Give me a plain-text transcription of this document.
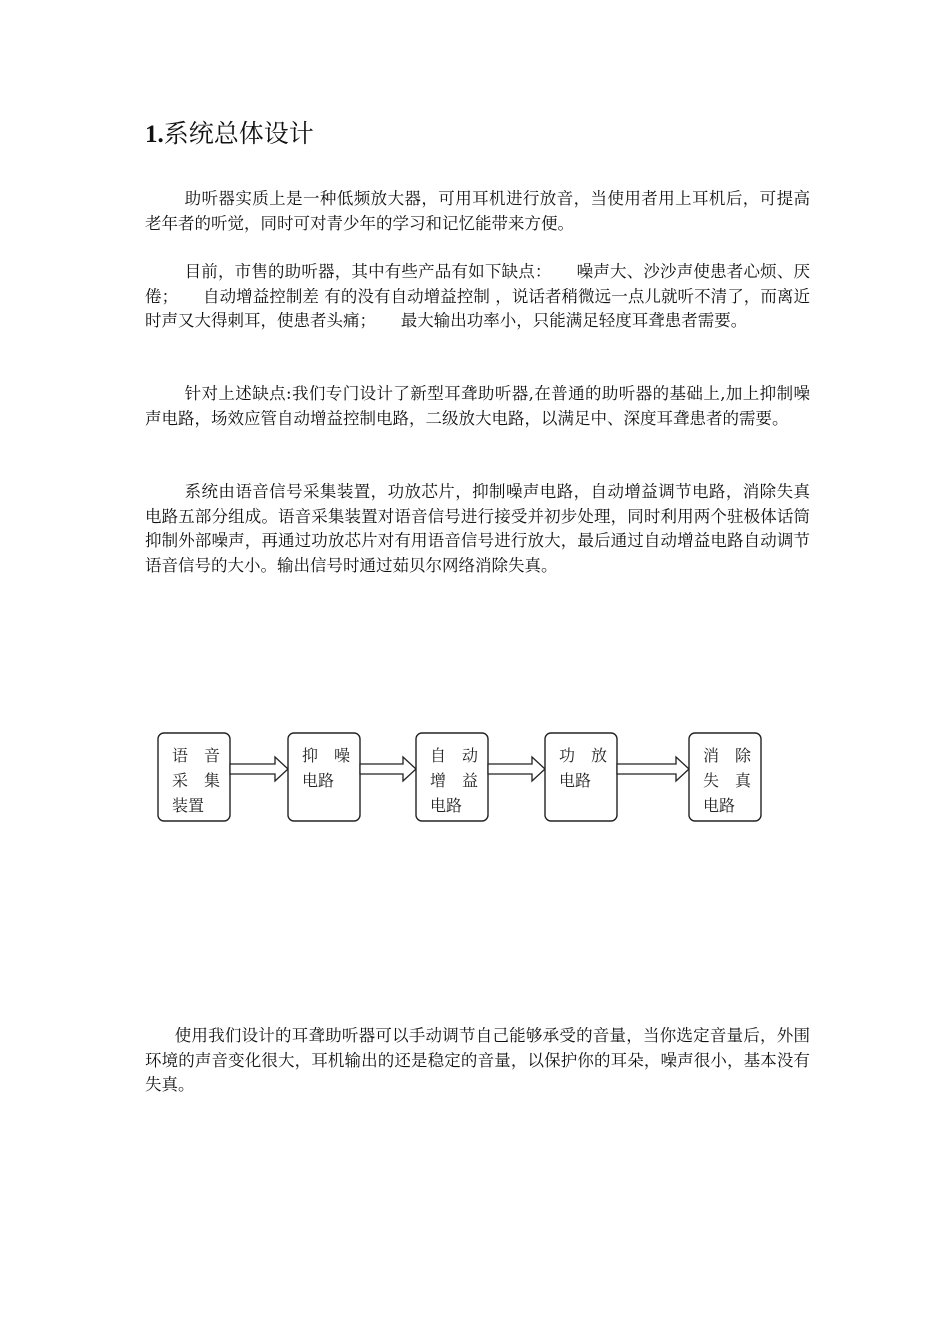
1.系统总体设计

助听器实质上是一种低频放大器，可用耳机进行放音，当使用者用上耳机后，可提高老年者的听觉，同时可对青少年的学习和记忆能带来方便。

目前，市售的助听器，其中有些产品有如下缺点：　　噪声大、沙沙声使患者心烦、厌倦；　　自动增益控制差 有的没有自动增益控制 ，说话者稍微远一点儿就听不清了，而离近时声又大得刺耳，使患者头痛；　　最大输出功率小，只能满足轻度耳聋患者需要。

针对上述缺点:我们专门设计了新型耳聋助听器,在普通的助听器的基础上,加上抑制噪声电路，场效应管自动增益控制电路，二级放大电路，以满足中、深度耳聋患者的需要。

系统由语音信号采集装置，功放芯片，抑制噪声电路，自动增益调节电路，消除失真电路五部分组成。语音采集装置对语音信号进行接受并初步处理，同时利用两个驻极体话筒抑制外部噪声，再通过功放芯片对有用语音信号进行放大，最后通过自动增益电路自动调节语音信号的大小。输出信号时通过茹贝尔网络消除失真。

语　音
采　集
装置
抑　噪
电路
自　动
增　益
电路
功　放
电路
消　除
失　真
电路

使用我们设计的耳聋助听器可以手动调节自己能够承受的音量，当你选定音量后，外围环境的声音变化很大，耳机输出的还是稳定的音量，以保护你的耳朵，噪声很小，基本没有失真。
